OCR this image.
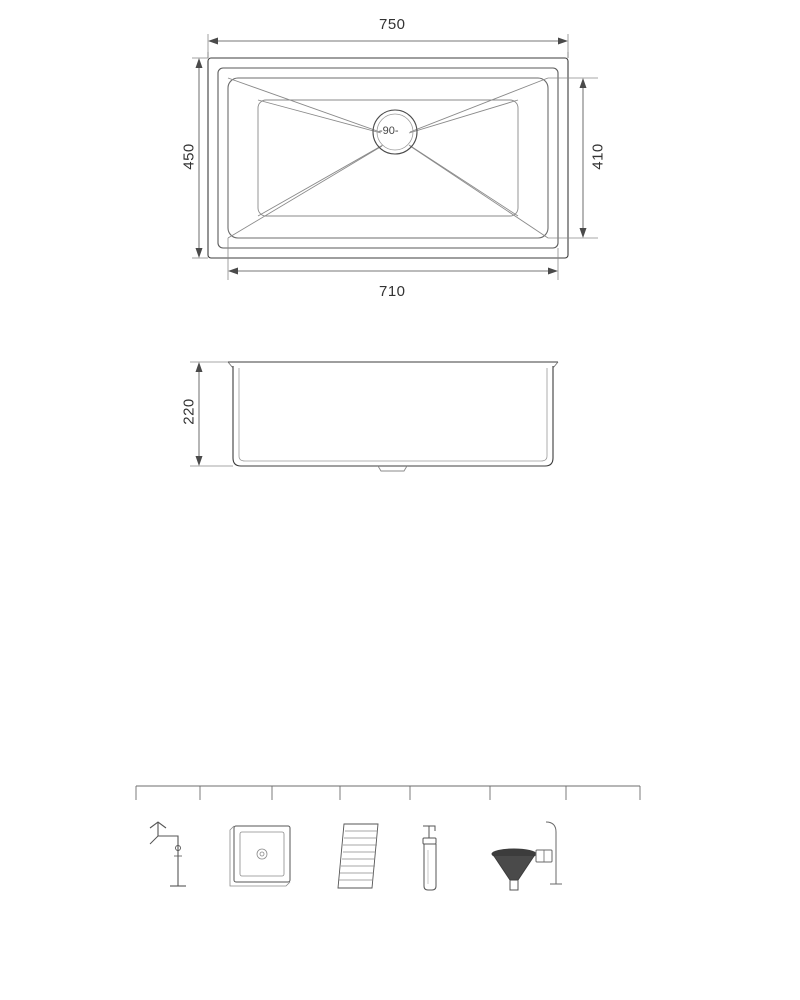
750
450	410
710
220
-90-
